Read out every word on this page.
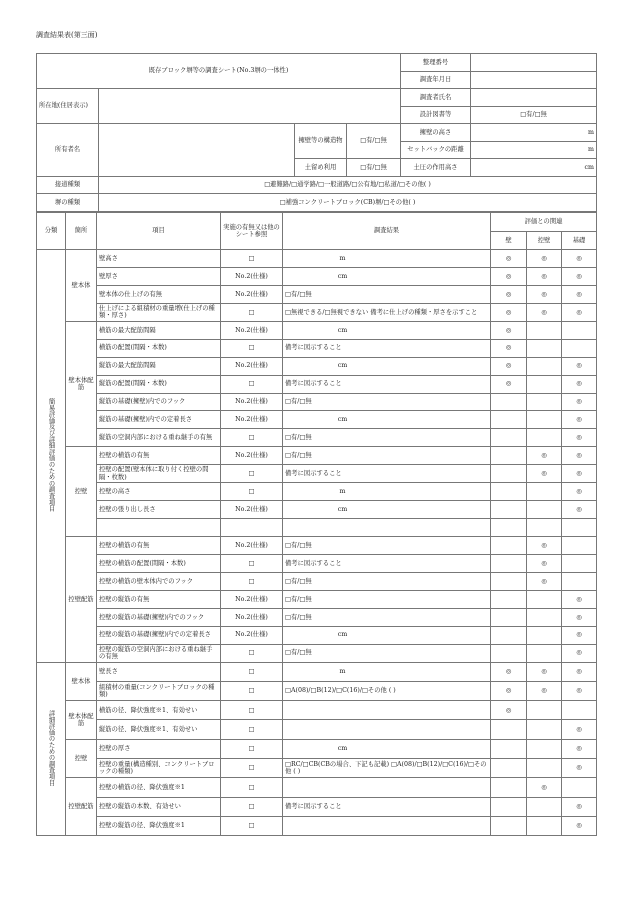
調査結果表(第三面)
既存ブロック塀等の調査シート(No.3塀の一体性)				整理番号	
				調査年月日	
所在地(住居表示)				調査者氏名	
				設計図書等	□有/□無
所有者名		擁壁等の構造物	□有/□無	擁壁の高さ	m
				セットバックの距離	m
		土留め利用	□有/□無	土圧の作用高さ	cm
接道種類	□避難路/□通学路/□一般道路/□公有地/□私道/□その他( )				
塀の種類	□補強コンクリートブロック(CB)塀/□その他( )				
分類	箇所	項目	実施の有無又は他のシート参照	調査結果	評価との関連		
					壁	控壁	基礎
簡易評価及び詳細評価のための調査項目	壁本体	壁高さ	□	m	◎	◎	◎
		壁厚さ	No.2(仕様)	cm	◎	◎	◎
		壁本体の仕上げの有無	No.2(仕様)	□有/□無	◎	◎	◎
		仕上げによる組積材の重量増(仕上げの種類・厚さ)	□	□無視できる/□無視できない 備考に仕上げの種類・厚さを示すこと	◎	◎	◎
	壁本体配筋	横筋の最大配筋間隔	No.2(仕様)	cm	◎		
		横筋の配置(間隔・本数)	□	備考に図示すること	◎		
		縦筋の最大配筋間隔	No.2(仕様)	cm	◎		◎
		縦筋の配置(間隔・本数)	□	備考に図示すること	◎		◎
		縦筋の基礎(擁壁)内でのフック	No.2(仕様)	□有/□無			◎
		縦筋の基礎(擁壁)内での定着長さ	No.2(仕様)	cm			◎
		縦筋の空洞内部における重ね継手の有無	□	□有/□無			◎
	控壁	控壁の横筋の有無	No.2(仕様)	□有/□無		◎	◎
		控壁の配置(壁本体に取り付く控壁の間隔・枚数)	□	備考に図示すること		◎	◎
		控壁の高さ	□	m			◎
		控壁の張り出し長さ	No.2(仕様)	cm			◎

	控壁配筋	控壁の横筋の有無	No.2(仕様)	□有/□無		◎	
		控壁の横筋の配置(間隔・本数)	□	備考に図示すること		◎	
		控壁の横筋の壁本体内でのフック	□	□有/□無		◎	
		控壁の縦筋の有無	No.2(仕様)	□有/□無			◎
		控壁の縦筋の基礎(擁壁)内でのフック	No.2(仕様)	□有/□無			◎
		控壁の縦筋の基礎(擁壁)内での定着長さ	No.2(仕様)	cm			◎
		控壁の縦筋の空洞内部における重ね継手の有無	□	□有/□無			◎
詳細評価のための調査項目	壁本体	壁長さ	□	m	◎	◎	◎
		組積材の重量(コンクリートブロックの種類)	□	□A(08)/□B(12)/□C(16)/□その他 ( )	◎	◎	◎
	壁本体配筋	横筋の径、降伏強度※1、有効せい	□		◎		
		縦筋の径、降伏強度※1、有効せい	□				◎
	控壁	控壁の厚さ	□	cm			◎
		控壁の重量(構造種別、コンクリートブロックの種類)	□	□RC/□CB(CBの場合、下記も記載) □A(08)/□B(12)/□C(16)/□その他 ( )			◎
	控壁配筋	控壁の横筋の径、降伏強度※1	□			◎	
		控壁の縦筋の本数、有効せい	□	備考に図示すること			◎
		控壁の縦筋の径、降伏強度※1	□				◎
